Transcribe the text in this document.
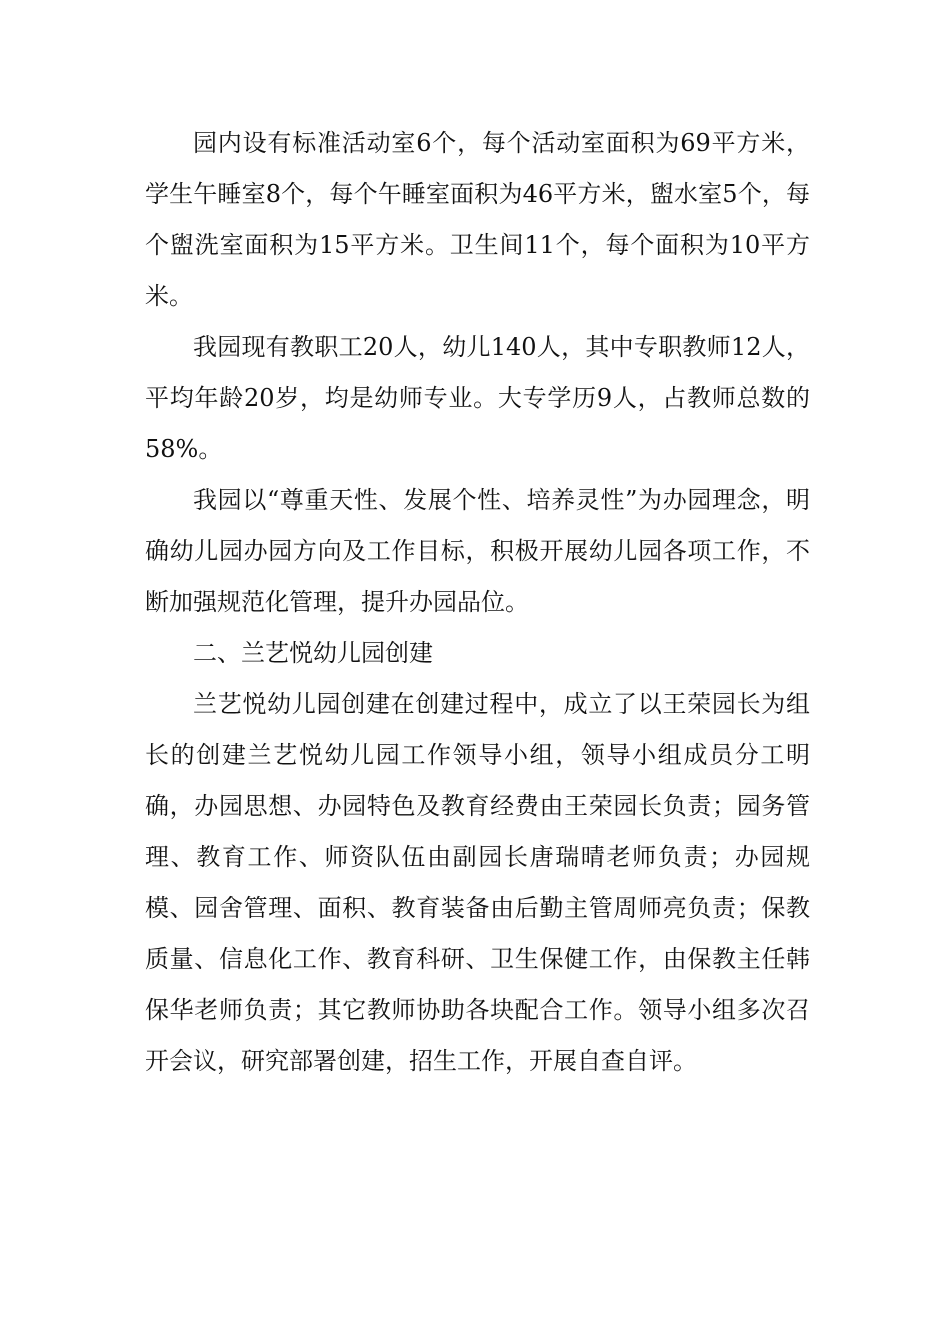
园内设有标准活动室6个，每个活动室面积为69平方米，学生午睡室8个，每个午睡室面积为46平方米，盥水室5个，每个盥洗室面积为15平方米。卫生间11个，每个面积为10平方米。

我园现有教职工20人，幼儿140人，其中专职教师12人，平均年龄20岁，均是幼师专业。大专学历9人，占教师总数的58%。

我园以“尊重天性、发展个性、培养灵性”为办园理念，明确幼儿园办园方向及工作目标，积极开展幼儿园各项工作，不断加强规范化管理，提升办园品位。

二、兰艺悦幼儿园创建

兰艺悦幼儿园创建在创建过程中，成立了以王荣园长为组长的创建兰艺悦幼儿园工作领导小组，领导小组成员分工明确，办园思想、办园特色及教育经费由王荣园长负责；园务管理、教育工作、师资队伍由副园长唐瑞晴老师负责；办园规模、园舍管理、面积、教育装备由后勤主管周师亮负责；保教质量、信息化工作、教育科研、卫生保健工作，由保教主任韩保华老师负责；其它教师协助各块配合工作。领导小组多次召开会议，研究部署创建，招生工作，开展自查自评。
